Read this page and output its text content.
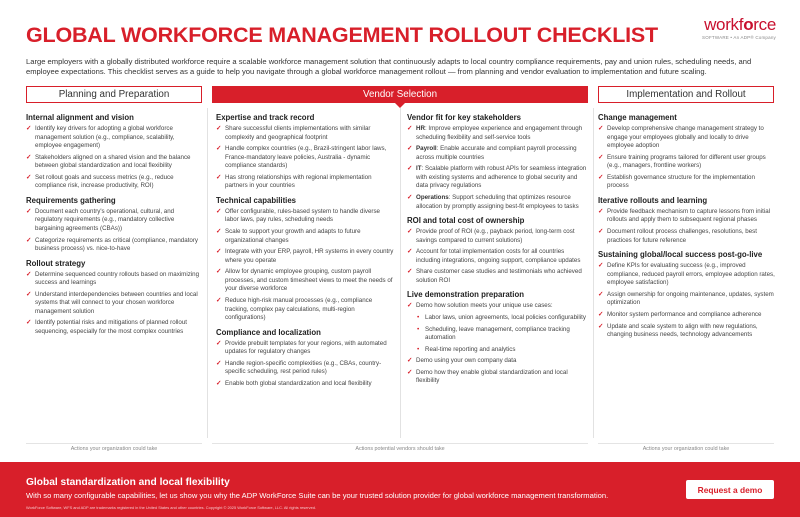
GLOBAL WORKFORCE MANAGEMENT ROLLOUT CHECKLIST	workforce
SOFTWARE • An ADP® Company
Large employers with a globally distributed workforce require a scalable workforce management solution that continuously adapts to local country compliance requirements, pay and union rules, scheduling needs, and employee expectations. This checklist serves as a guide to help you navigate through a global workforce management rollout — from planning and vendor evaluation to implementation and future scaling.
Planning and Preparation	Vendor Selection	Implementation and Rollout
Internal alignment and vision
✓ Identify key drivers for adopting a global workforce management solution (e.g., compliance, scalability, employee engagement)
✓ Stakeholders aligned on a shared vision and the balance between global standardization and local flexibility
✓ Set rollout goals and success metrics (e.g., reduce compliance risk, increase productivity, ROI)
Requirements gathering
✓ Document each country's operational, cultural, and regulatory requirements (e.g., mandatory collective bargaining agreements (CBAs))
✓ Categorize requirements as critical (compliance, mandatory business process) vs. nice-to-have
Rollout strategy
✓ Determine sequenced country rollouts based on maximizing success and learnings
✓ Understand interdependencies between countries and local systems that will connect to your chosen workforce management solution
✓ Identify potential risks and mitigations of planned rollout sequencing, especially for the most complex countries
Expertise and track record
✓ Share successful clients implementations with similar complexity and geographical footprint
✓ Handle complex countries (e.g., Brazil-stringent labor laws, France-mandatory leave policies, Australia - dynamic compliance standards)
✓ Has strong relationships with regional implementation partners in your countries
Technical capabilities
✓ Offer configurable, rules-based system to handle diverse labor laws, pay rules, scheduling needs
✓ Scale to support your growth and adapts to future organizational changes
✓ Integrate with your ERP, payroll, HR systems in every country where you operate
✓ Allow for dynamic employee grouping, custom payroll processes, and custom timesheet views to meet the needs of your diverse workforce
✓ Reduce high-risk manual processes (e.g., compliance tracking, complex pay calculations, multi-region configurations)
Compliance and localization
✓ Provide prebuilt templates for your regions, with automated updates for regulatory changes
✓ Handle region-specific complexities (e.g., CBAs, country-specific scheduling, rest period rules)
✓ Enable both global standardization and local flexibility
Vendor fit for key stakeholders
✓ HR: Improve employee experience and engagement through scheduling flexibility and self-service tools
✓ Payroll: Enable accurate and compliant payroll processing across multiple countries
✓ IT: Scalable platform with robust APIs for seamless integration with existing systems and adherence to global security and data privacy regulations
✓ Operations: Support scheduling that optimizes resource allocation by promptly assigning best-fit employees to tasks
ROI and total cost of ownership
✓ Provide proof of ROI (e.g., payback period, long-term cost savings compared to current solutions)
✓ Account for total implementation costs for all countries including integrations, ongoing support, compliance updates
✓ Share customer case studies and testimonials who achieved solution ROI
Live demonstration preparation
✓ Demo how solution meets your unique use cases:
• Labor laws, union agreements, local policies configurability
• Scheduling, leave management, compliance tracking automation
• Real-time reporting and analytics
✓ Demo using your own company data
✓ Demo how they enable global standardization and local flexibility
Change management
✓ Develop comprehensive change management strategy to engage your employees globally and locally to drive employee adoption
✓ Ensure training programs tailored for different user groups (e.g., managers, frontline workers)
✓ Establish governance structure for the implementation process
Iterative rollouts and learning
✓ Provide feedback mechanism to capture lessons from initial rollouts and apply them to subsequent regional phases
✓ Document rollout process challenges, resolutions, best practices for future reference
Sustaining global/local success post-go-live
✓ Define KPIs for evaluating success (e.g., improved compliance, reduced payroll errors, employee adoption rates, employee satisfaction)
✓ Assign ownership for ongoing maintenance, updates, system optimization
✓ Monitor system performance and compliance adherence
✓ Update and scale system to align with new regulations, changing business needs, technology advancements
Actions your organization could take	Actions potential vendors should take	Actions your organization could take
Global standardization and local flexibility
With so many configurable capabilities, let us show you why the ADP WorkForce Suite can be your trusted solution provider for global workforce management transformation.
WorkForce Software, WFS and ADP are trademarks registered in the United States and other countries. Copyright © 2025 WorkForce Software, LLC. All rights reserved.
Request a demo
